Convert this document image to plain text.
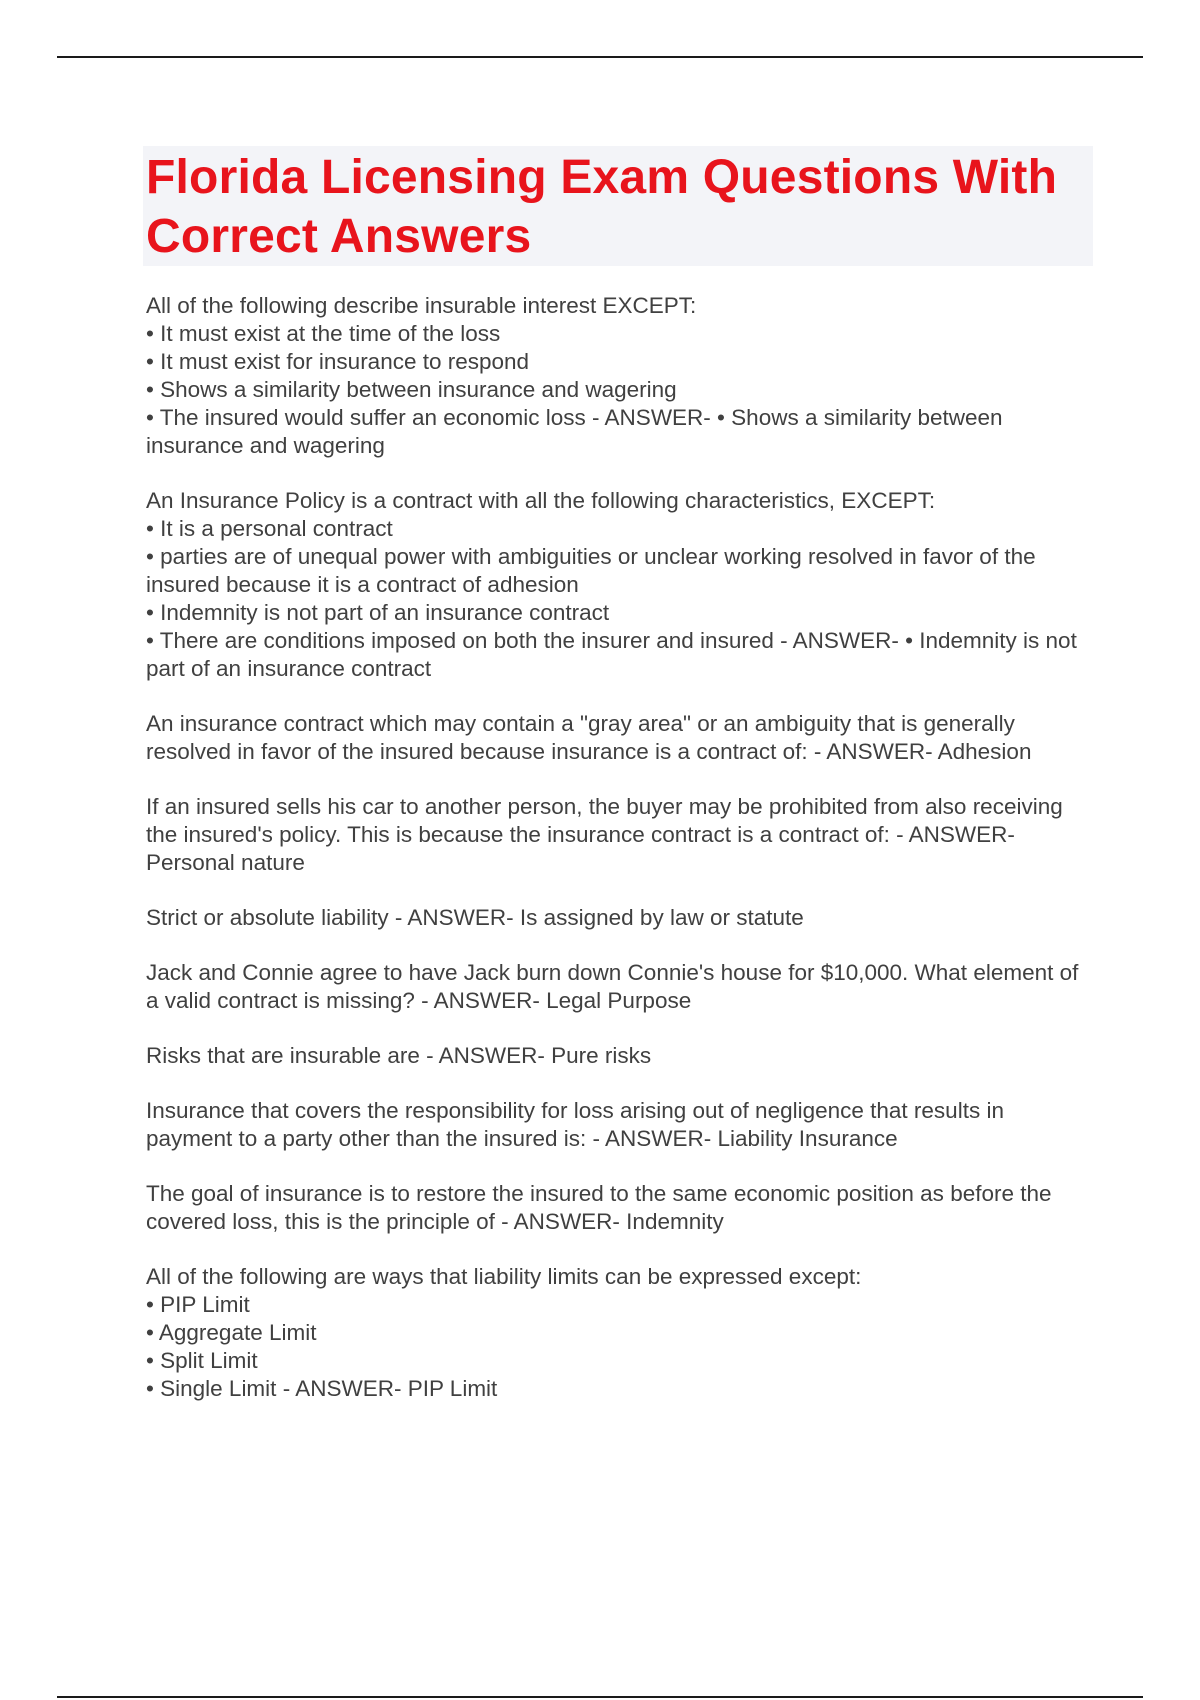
Florida Licensing Exam Questions With Correct Answers
All of the following describe insurable interest EXCEPT:
• It must exist at the time of the loss
• It must exist for insurance to respond
• Shows a similarity between insurance and wagering
• The insured would suffer an economic loss - ANSWER- • Shows a similarity between insurance and wagering
An Insurance Policy is a contract with all the following characteristics, EXCEPT:
• It is a personal contract
• parties are of unequal power with ambiguities or unclear working resolved in favor of the insured because it is a contract of adhesion
• Indemnity is not part of an insurance contract
• There are conditions imposed on both the insurer and insured - ANSWER- • Indemnity is not part of an insurance contract
An insurance contract which may contain a "gray area" or an ambiguity that is generally resolved in favor of the insured because insurance is a contract of: - ANSWER- Adhesion
If an insured sells his car to another person, the buyer may be prohibited from also receiving the insured's policy. This is because the insurance contract is a contract of: - ANSWER- Personal nature
Strict or absolute liability - ANSWER- Is assigned by law or statute
Jack and Connie agree to have Jack burn down Connie's house for $10,000. What element of a valid contract is missing? - ANSWER- Legal Purpose
Risks that are insurable are - ANSWER- Pure risks
Insurance that covers the responsibility for loss arising out of negligence that results in payment to a party other than the insured is: - ANSWER- Liability Insurance
The goal of insurance is to restore the insured to the same economic position as before the covered loss, this is the principle of - ANSWER- Indemnity
All of the following are ways that liability limits can be expressed except:
• PIP Limit
• Aggregate Limit
• Split Limit
• Single Limit - ANSWER- PIP Limit
